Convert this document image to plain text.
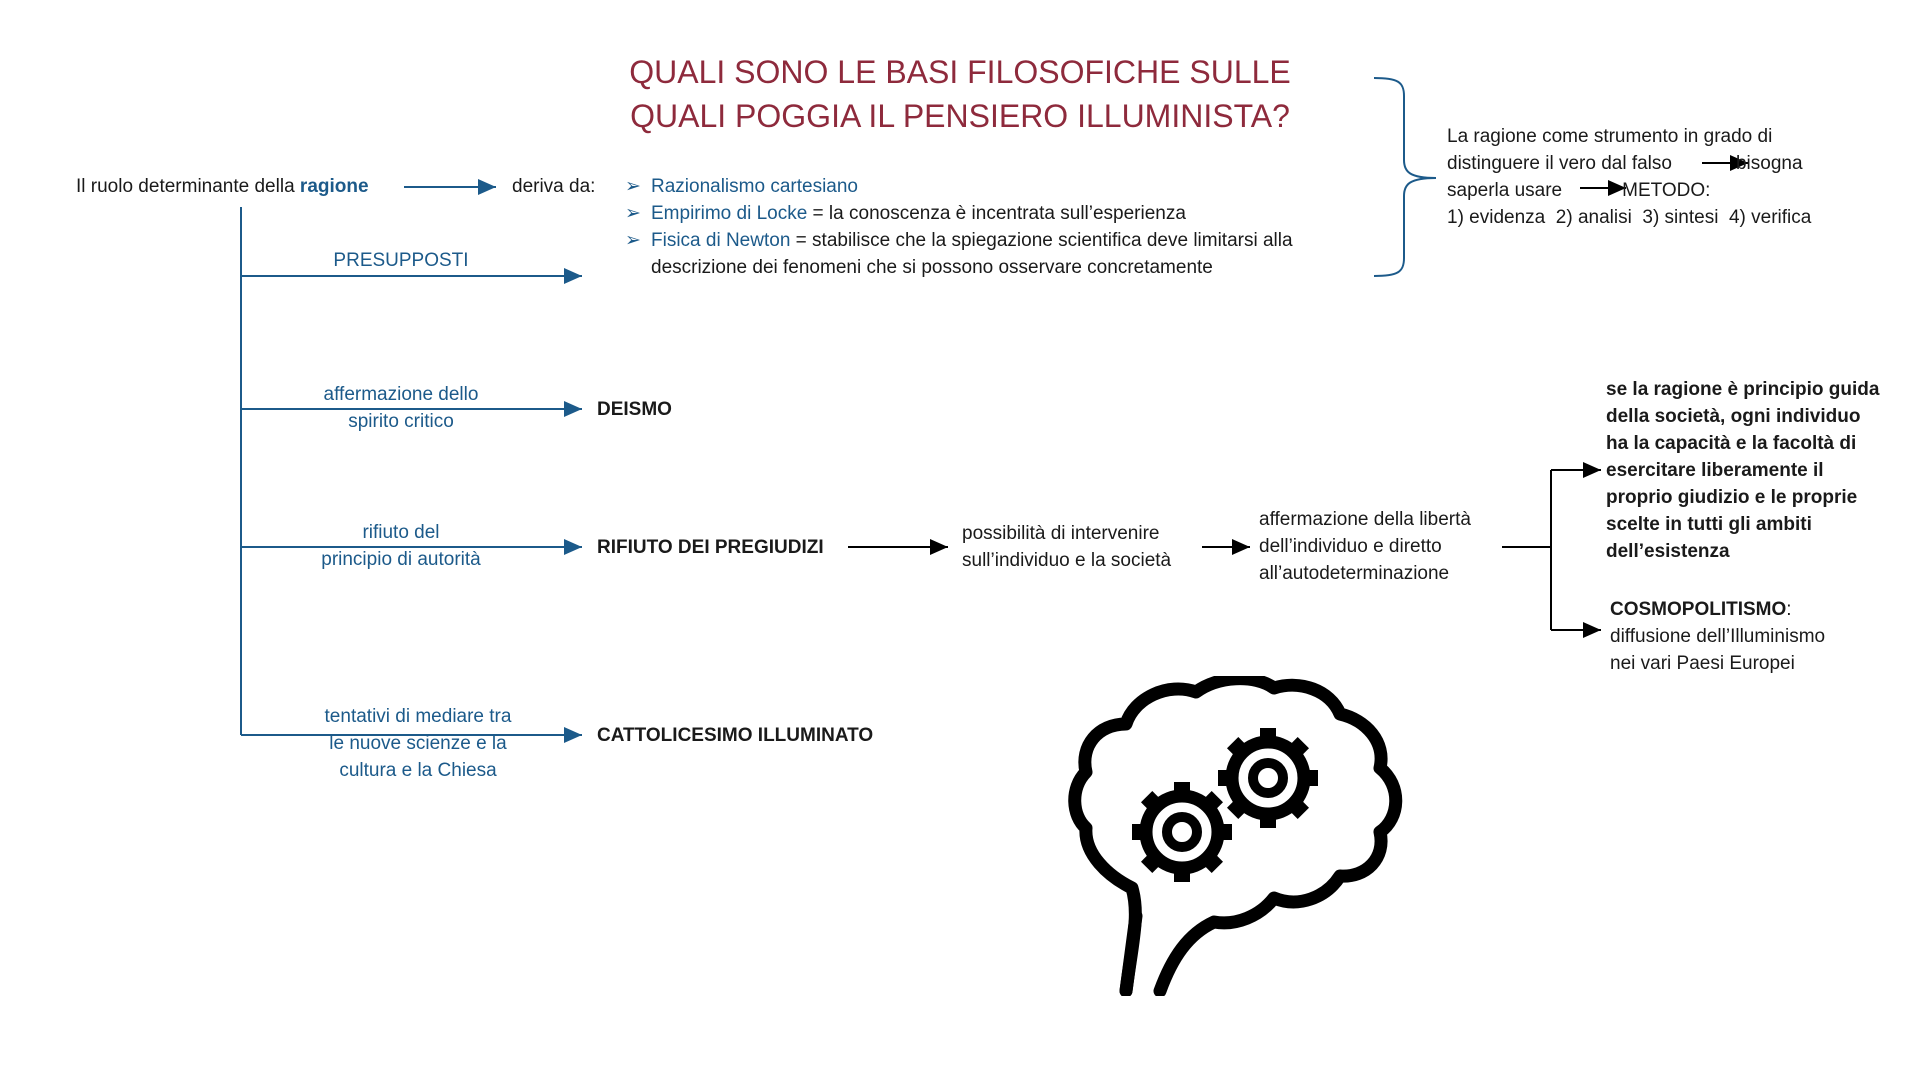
QUALI SONO LE BASI FILOSOFICHE SULLE
QUALI POGGIA IL PENSIERO ILLUMINISTA?
Il ruolo determinante della ragione	deriva da: ➢ Razionalismo cartesiano
➢ Empirimo di Locke = la conoscenza è incentrata sull’esperienza
➢ Fisica di Newton = stabilisce che la spiegazione scientifica deve limitarsi alla
descrizione dei fenomeni che si possono osservare concretamente
La ragione come strumento in grado di
distinguere il vero dal falso	bisogna
saperla usare	METODO:
1) evidenza  2) analisi  3) sintesi  4) verifica
PRESUPPOSTI
affermazione dello
spirito critico
DEISMO
rifiuto del
principio di autorità
RIFIUTO DEI PREGIUDIZI
tentativi di mediare tra
le nuove scienze e la
cultura e la Chiesa
CATTOLICESIMO ILLUMINATO
possibilità di intervenire
sull’individuo e la società
affermazione della libertà
dell’individuo e diretto
all’autodeterminazione
se la ragione è principio guida
della società, ogni individuo
ha la capacità e la facoltà di
esercitare liberamente il
proprio giudizio e le proprie
scelte in tutti gli ambiti
dell’esistenza
COSMOPOLITISMO:
diffusione dell’Illuminismo
nei vari Paesi Europei
